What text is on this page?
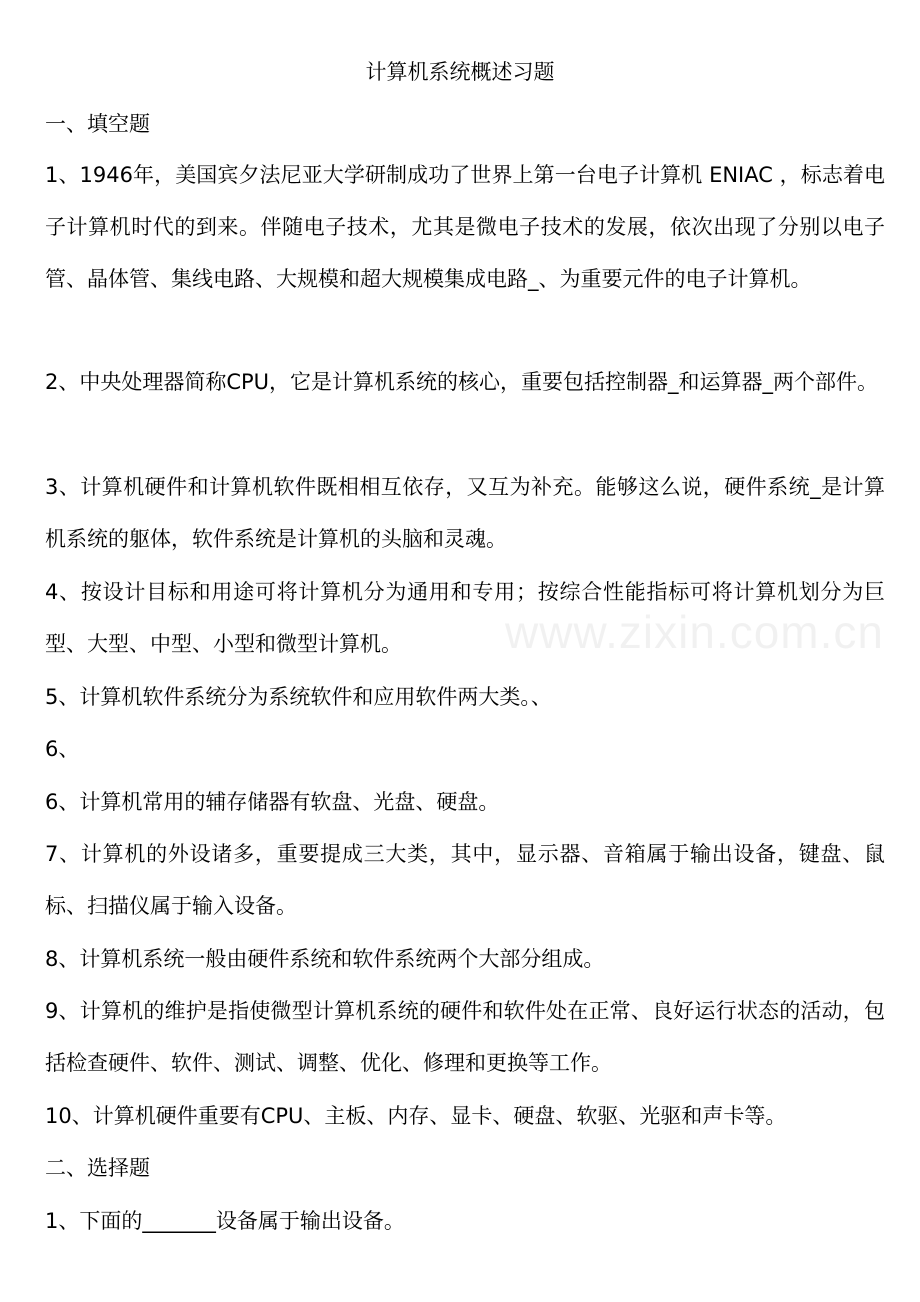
计算机系统概述习题
一、填空题
1、1946年，美国宾夕法尼亚大学研制成功了世界上第一台电子计算机 ENIAC ，标志着电子计算机时代的到来。伴随电子技术，尤其是微电子技术的发展，依次出现了分别以电子管、晶体管、集线电路、大规模和超大规模集成电路_、为重要元件的电子计算机。
2、中央处理器简称CPU，它是计算机系统的核心，重要包括控制器_和运算器_两个部件。
3、计算机硬件和计算机软件既相相互依存，又互为补充。能够这么说，硬件系统_是计算机系统的躯体，软件系统是计算机的头脑和灵魂。
4、按设计目标和用途可将计算机分为通用和专用；按综合性能指标可将计算机划分为巨型、大型、中型、小型和微型计算机。
5、计算机软件系统分为系统软件和应用软件两大类。、
6、
6、计算机常用的辅存储器有软盘、光盘、硬盘。
7、计算机的外设诸多，重要提成三大类，其中，显示器、音箱属于输出设备，键盘、鼠标、扫描仪属于输入设备。
8、计算机系统一般由硬件系统和软件系统两个大部分组成。
9、计算机的维护是指使微型计算机系统的硬件和软件处在正常、良好运行状态的活动，包括检查硬件、软件、测试、调整、优化、修理和更换等工作。
10、计算机硬件重要有CPU、主板、内存、显卡、硬盘、软驱、光驱和声卡等。
二、选择题
1、下面的_______设备属于输出设备。
www.zixin.com.cn
